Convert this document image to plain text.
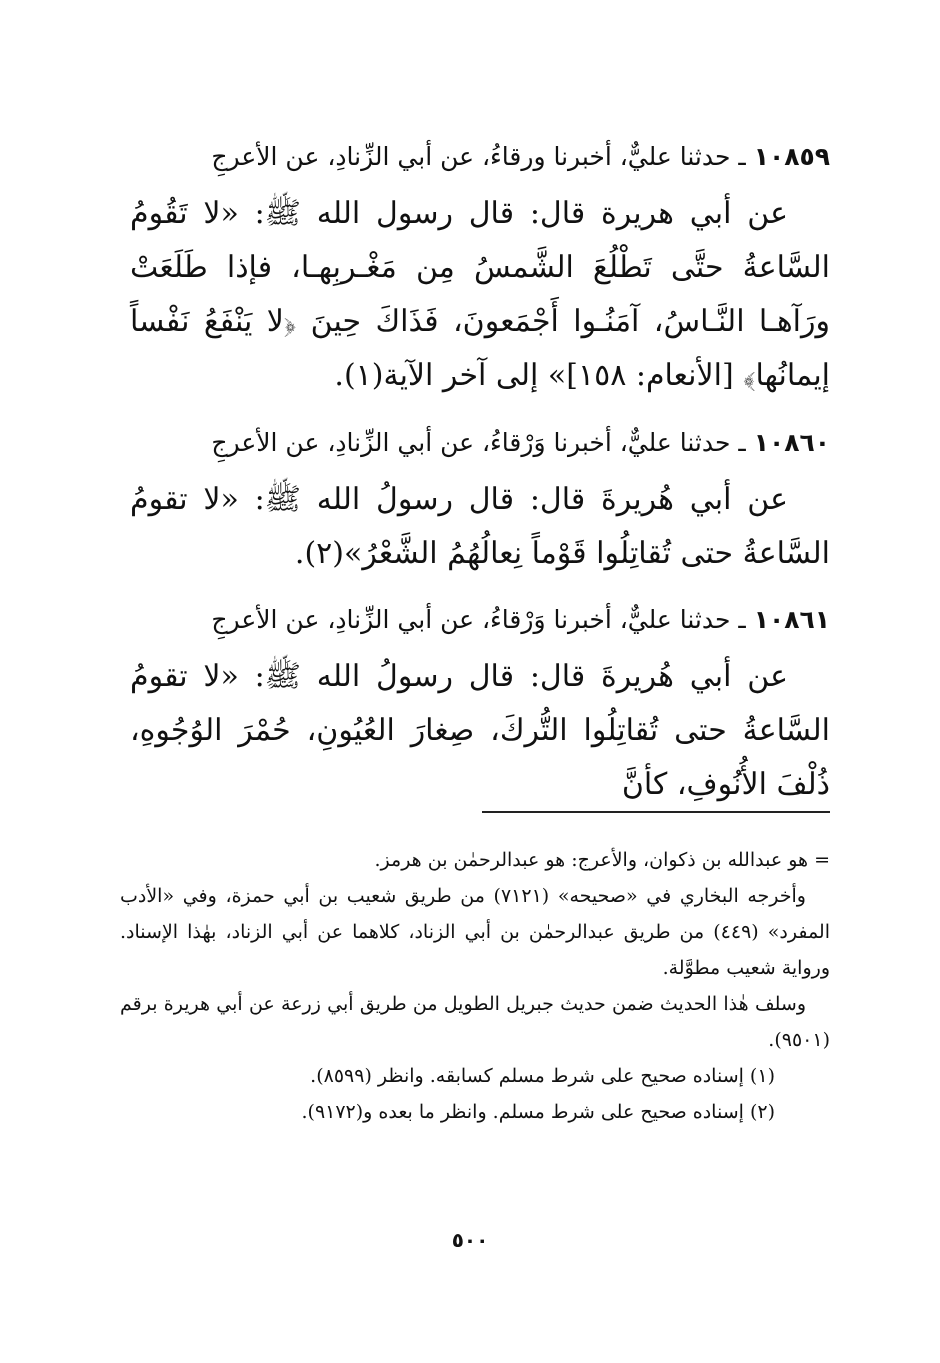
١٠٨٥٩ ـ حدثنا عليٌّ، أخبرنا ورقاءُ، عن أبي الزِّنادِ، عن الأعرجِ

عن أبي هريرة قال: قال رسول الله ﷺ: «لا تَقُومُ السَّاعةُ حتَّى تَطْلُعَ الشَّمسُ مِن مَغْـربِهـا، فإذا طَلَعَتْ ورَآهـا النَّـاسُ، آمَنُـوا أَجْمَعونَ، فَذَاكَ حِينَ ﴿لا يَنْفَعُ نَفْساً إيمانُها﴾ [الأنعام: ١٥٨]» إلى آخر الآية(١).

١٠٨٦٠ ـ حدثنا عليٌّ، أخبرنا وَرْقاءُ، عن أبي الزِّنادِ، عن الأعرجِ

عن أبي هُريرةَ قال: قال رسولُ الله ﷺ: «لا تقومُ السَّاعةُ حتى تُقاتِلُوا قَوْماً نِعالُهُمُ الشَّعْرُ»(٢).

١٠٨٦١ ـ حدثنا عليٌّ، أخبرنا وَرْقاءُ، عن أبي الزِّنادِ، عن الأعرجِ

عن أبي هُريرةَ قال: قال رسولُ الله ﷺ: «لا تقومُ السَّاعةُ حتى تُقاتِلُوا التُّركَ، صِغارَ العُيُونِ، حُمْرَ الوُجُوهِ، ذُلْفَ الأُنُوفِ، كأنَّ

= هو عبدالله بن ذكوان، والأعرج: هو عبدالرحمٰن بن هرمز.

وأخرجه البخاري في «صحيحه» (٧١٢١) من طريق شعيب بن أبي حمزة، وفي «الأدب المفرد» (٤٤٩) من طريق عبدالرحمٰن بن أبي الزناد، كلاهما عن أبي الزناد، بهٰذا الإسناد. ورواية شعيب مطوَّلة.

وسلف هٰذا الحديث ضمن حديث جبريل الطويل من طريق أبي زرعة عن أبي هريرة برقم (٩٥٠١).

(١) إسناده صحيح على شرط مسلم كسابقه. وانظر (٨٥٩٩).

(٢) إسناده صحيح على شرط مسلم. وانظر ما بعده و(٩١٧٢).

٥٠٠
